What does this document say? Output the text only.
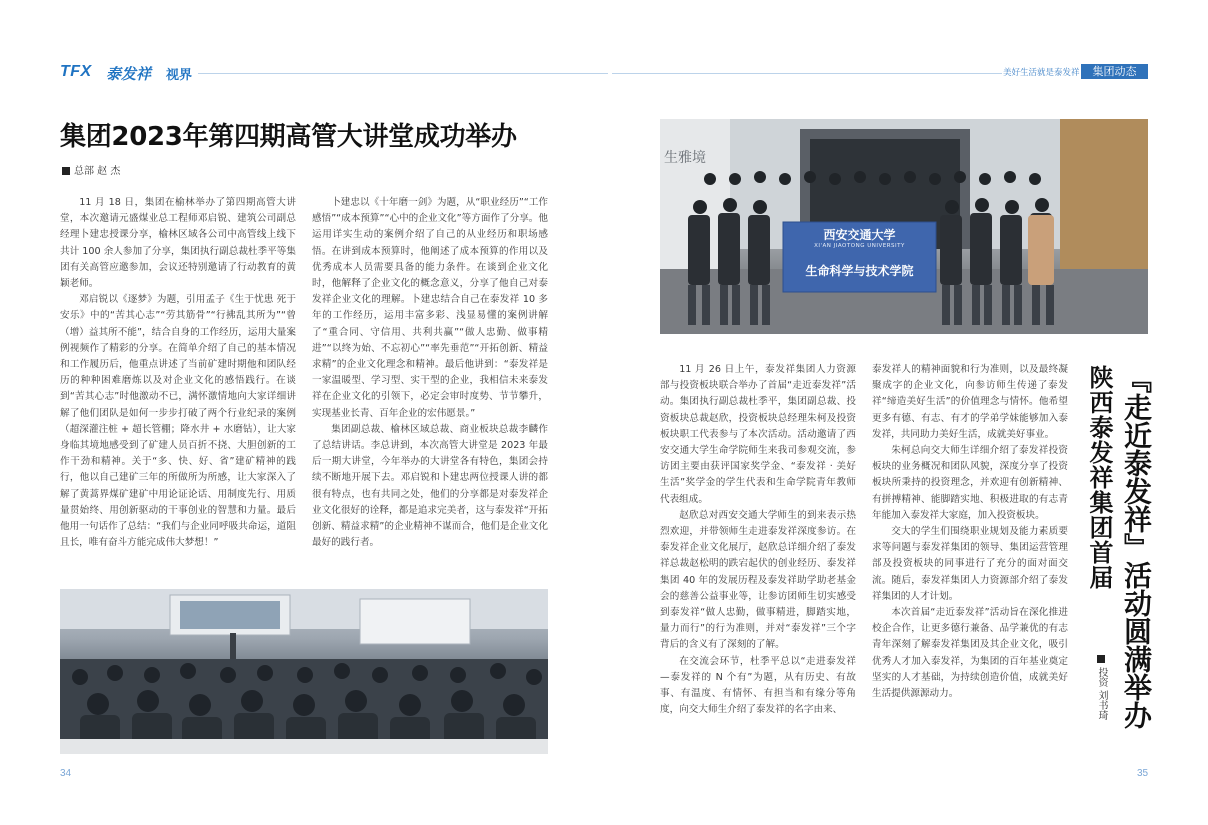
TFX 泰发祥 视界	美好生活就是泰发祥	集团动态
集团2023年第四期高管大讲堂成功举办
总部 赵 杰

11 月 18 日，集团在榆林举办了第四期高管大讲堂，本次邀请元盛煤业总工程师邓启锐、建筑公司副总经理卜建忠授课分享，榆林区域各公司中高管线上线下共计 100 余人参加了分享，集团执行副总裁杜季平等集团有关高管应邀参加，会议还特别邀请了行动教育的黄颖老师。

邓启锐以《逐梦》为题，引用孟子《生于忧患 死于安乐》中的“苦其心志”“劳其筋骨”“行拂乱其所为”“曾（增）益其所不能”，结合自身的工作经历，运用大量案例视频作了精彩的分享。在简单介绍了自己的基本情况和工作履历后，他重点讲述了当前矿建时期他和团队经历的种种困难磨炼以及对企业文化的感悟践行。在谈到“苦其心志”时他激动不已，满怀激情地向大家详细讲解了他们团队是如何一步步打破了两个行业纪录的案例（超深灌注桩 + 超长管棚；降水井 + 水磨钻），让大家身临其境地感受到了矿建人员百折不挠、大胆创新的工作干劲和精神。关于“多、快、好、省”建矿精神的践行，他以自己建矿三年的所做所为所感，让大家深入了解了黄蒿界煤矿建矿中用论证论话、用制度先行、用质量贯始终、用创新驱动的干事创业的智慧和力量。最后他用一句话作了总结：“我们与企业同呼吸共命运，道阻且长，唯有奋斗方能完成伟大梦想！”

卜建忠以《十年磨一剑》为题，从“职业经历”“工作感悟”“成本预算”“心中的企业文化”等方面作了分享。他运用详实生动的案例介绍了自己的从业经历和职场感悟。在讲到成本预算时，他阐述了成本预算的作用以及优秀成本人员需要具备的能力条件。在谈到企业文化时，他解释了企业文化的概念意义，分享了他自己对泰发祥企业文化的理解。卜建忠结合自己在泰发祥 10 多年的工作经历，运用丰富多彩、浅显易懂的案例讲解了“重合同、守信用、共利共赢”“做人忠勤、做事精进”“以终为始、不忘初心”“率先垂范”“开拓创新、精益求精”的企业文化理念和精神。最后他讲到：“泰发祥是一家温暖型、学习型、实干型的企业，我相信未来泰发祥在企业文化的引领下，必定会审时度势、节节攀升，实现基业长青、百年企业的宏伟愿景。”

集团副总裁、榆林区域总裁、商业板块总裁李麟作了总结讲话。李总讲到，本次高管大讲堂是 2023 年最后一期大讲堂，今年举办的大讲堂各有特色，集团会持续不断地开展下去。邓启锐和卜建忠两位授课人讲的都很有特点，也有共同之处，他们的分享都是对泰发祥企业文化很好的诠释，都是追求完美者，这与泰发祥“开拓创新、精益求精”的企业精神不谋而合，他们是企业文化最好的践行者。

生雅境
西安交通大学
XI'AN JIAOTONG UNIVERSITY
生命科学与技术学院

11 月 26 日上午，泰发祥集团人力资源部与投资板块联合举办了首届“走近泰发祥”活动。集团执行副总裁杜季平，集团副总裁、投资板块总裁赵欣，投资板块总经理朱柯及投资板块职工代表参与了本次活动。活动邀请了西安交通大学生命学院师生来我司参观交流，参访团主要由获评国家奖学金、“泰发祥 · 美好生活”奖学金的学生代表和生命学院青年教师代表组成。

赵欣总对西安交通大学师生的到来表示热烈欢迎，并带领师生走进泰发祥深度参访。在泰发祥企业文化展厅，赵欣总详细介绍了泰发祥总裁赵松明的跌宕起伏的创业经历、泰发祥集团 40 年的发展历程及泰发祥助学助老基金会的慈善公益事业等，让参访团师生切实感受到泰发祥“做人忠勤，做事精进，脚踏实地，量力而行”的行为准则，并对“泰发祥”三个字背后的含义有了深刻的了解。

在交流会环节，杜季平总以“走进泰发祥—泰发祥的 N 个有”为题，从有历史、有故事、有温度、有情怀、有担当和有缘分等角度，向交大师生介绍了泰发祥的名字由来、

泰发祥人的精神面貌和行为准则，以及最终凝聚成字的企业文化，向参访师生传递了泰发祥“缔造美好生活”的价值理念与情怀。他希望更多有德、有志、有才的学弟学妹能够加入泰发祥，共同助力美好生活，成就美好事业。

朱柯总向交大师生详细介绍了泰发祥投资板块的业务概况和团队风貌，深度分享了投资板块所秉持的投资理念，并欢迎有创新精神、有拼搏精神、能脚踏实地、积极进取的有志青年能加入泰发祥大家庭，加入投资板块。

交大的学生们围绕职业规划及能力素质要求等问题与泰发祥集团的领导、集团运营管理部及投资板块的同事进行了充分的面对面交流。随后，泰发祥集团人力资源部介绍了泰发祥集团的人才计划。

本次首届“走近泰发祥”活动旨在深化推进校企合作，让更多德行兼备、品学兼优的有志青年深刻了解泰发祥集团及其企业文化，吸引优秀人才加入泰发祥，为集团的百年基业奠定坚实的人才基础，为持续创造价值，成就美好生活提供源源动力。	『走近泰发祥』活动圆满举办
陕西泰发祥集团首届
投资 刘书琦
34	35
